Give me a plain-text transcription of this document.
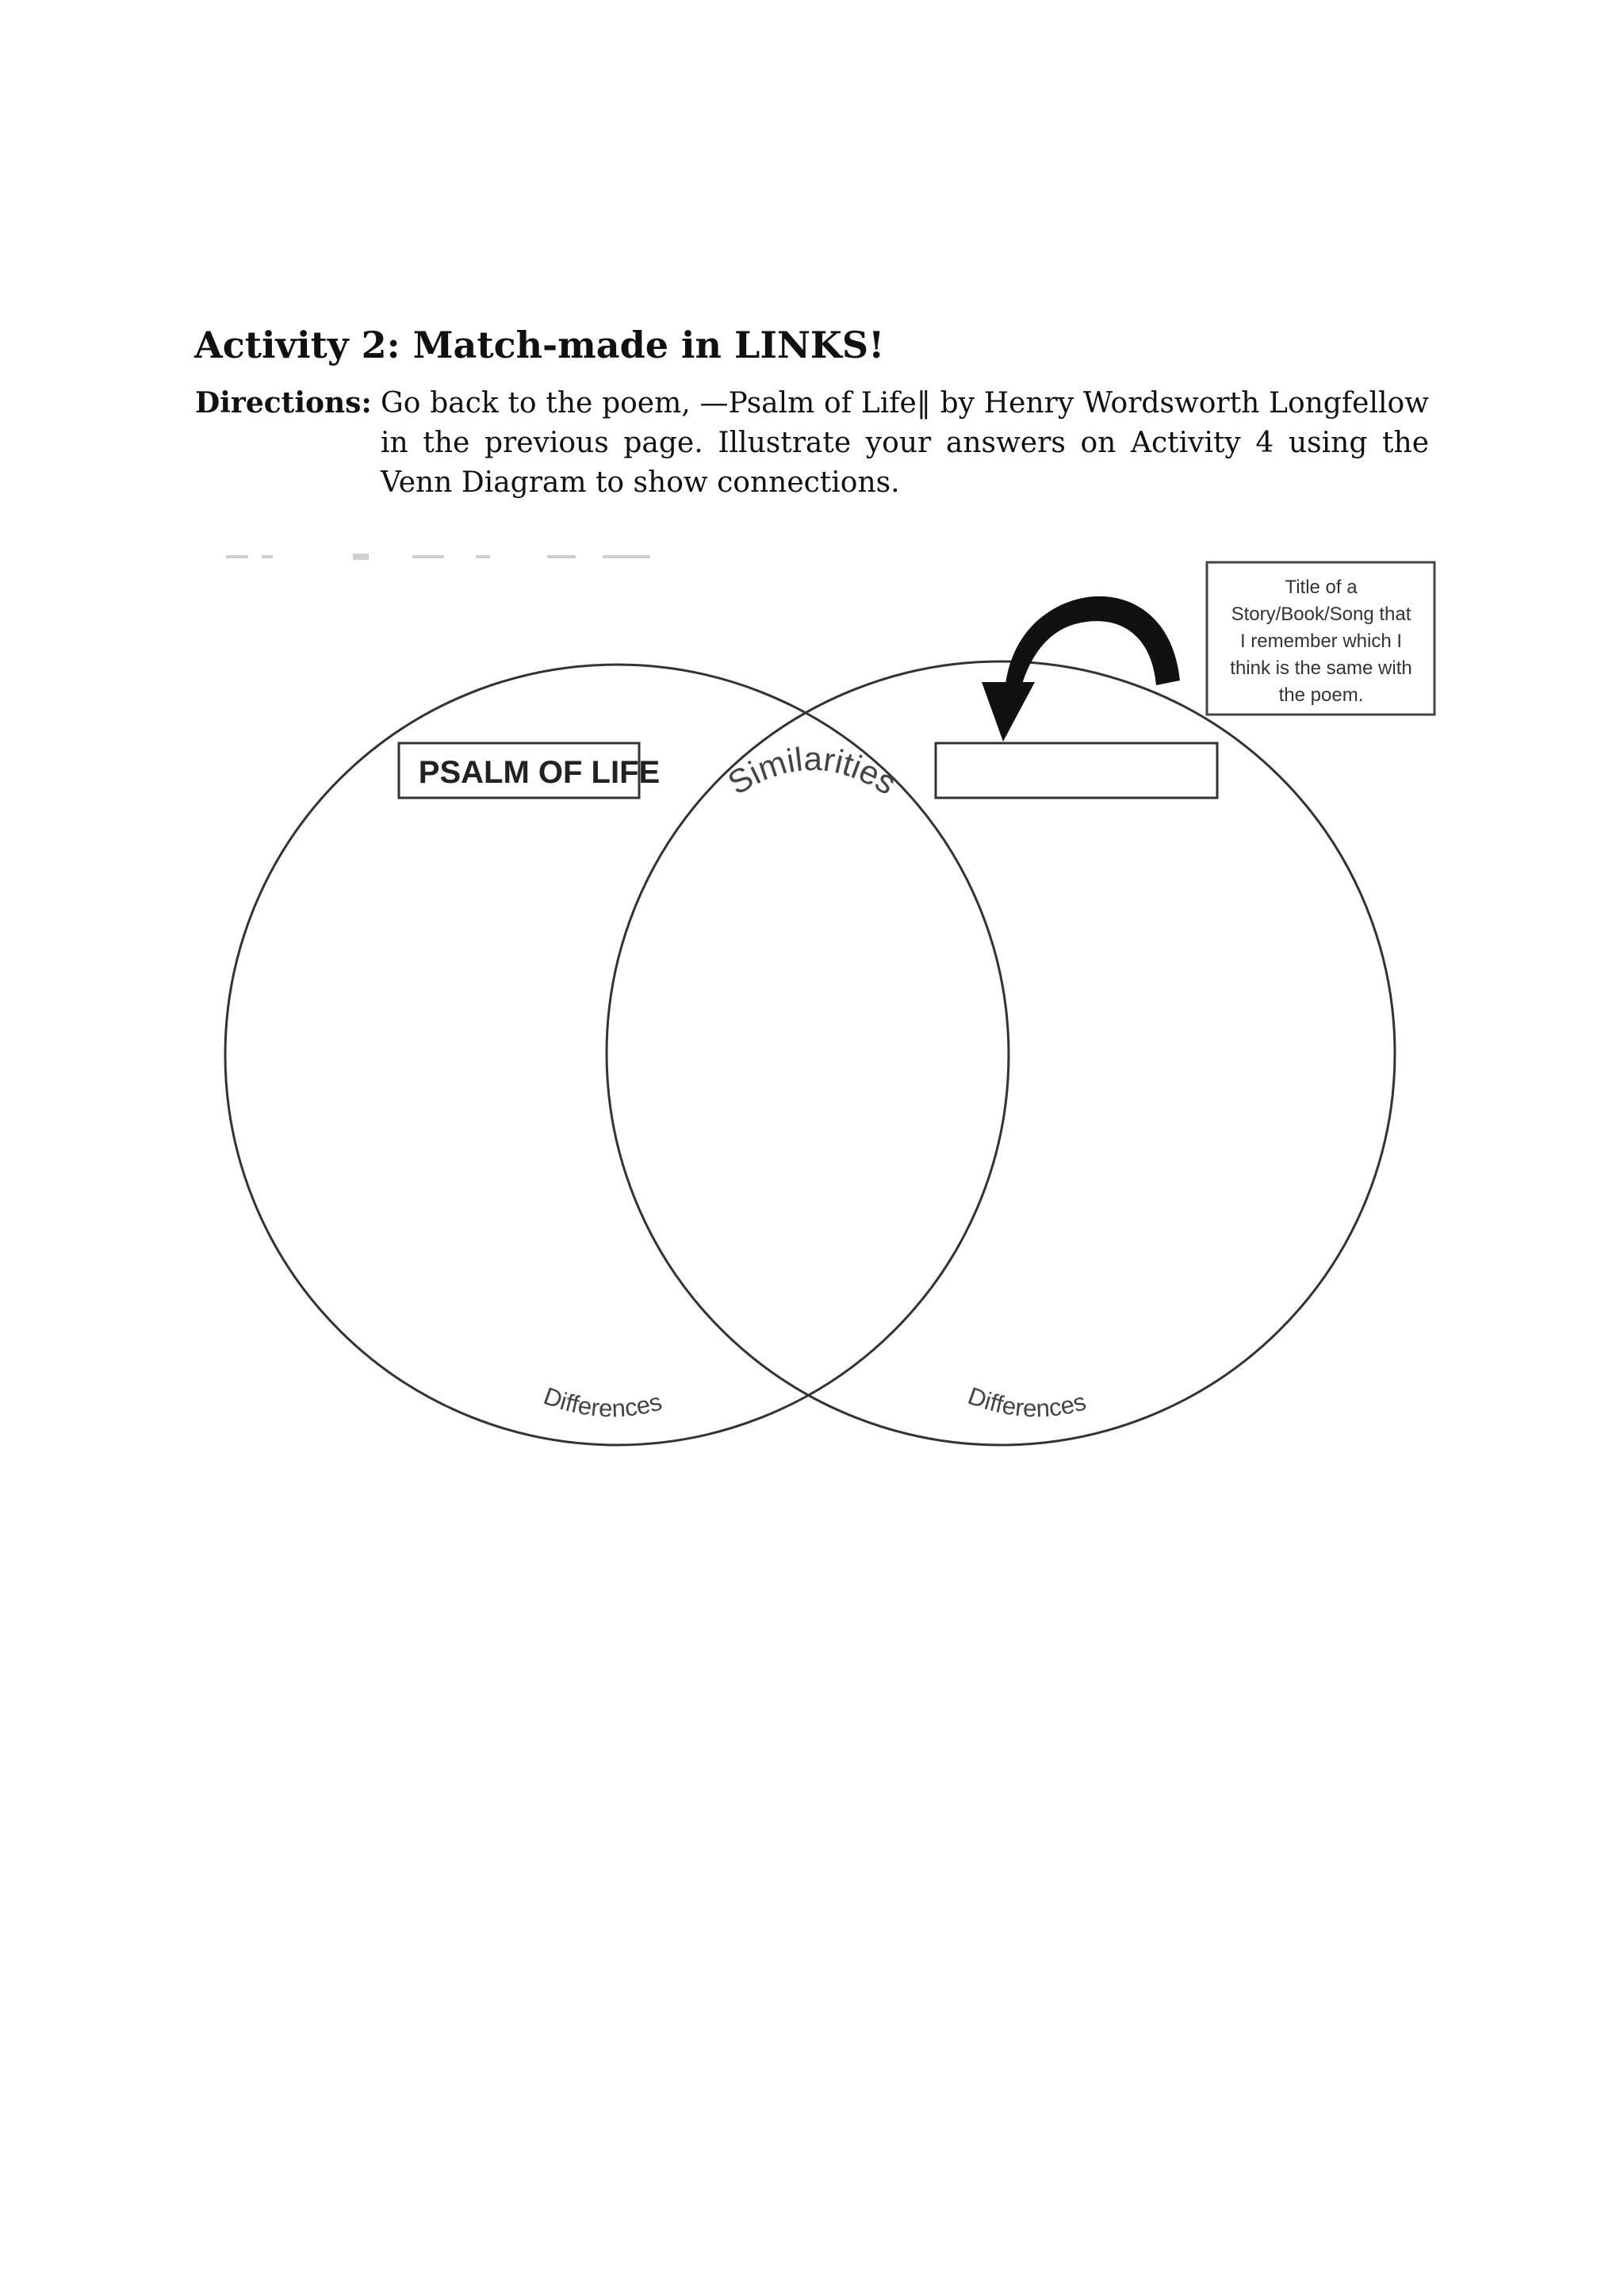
Activity 2: Match-made in LINKS!
Directions: Go back to the poem, —Psalm of Life‖ by Henry Wordsworth Longfellow in the previous page. Illustrate your answers on Activity 4 using the Venn Diagram to show connections.
PSALM OF LIFE Similarities
Differences	Differences
Title of a
Story/Book/Song that
I remember which I
think is the same with
the poem.
